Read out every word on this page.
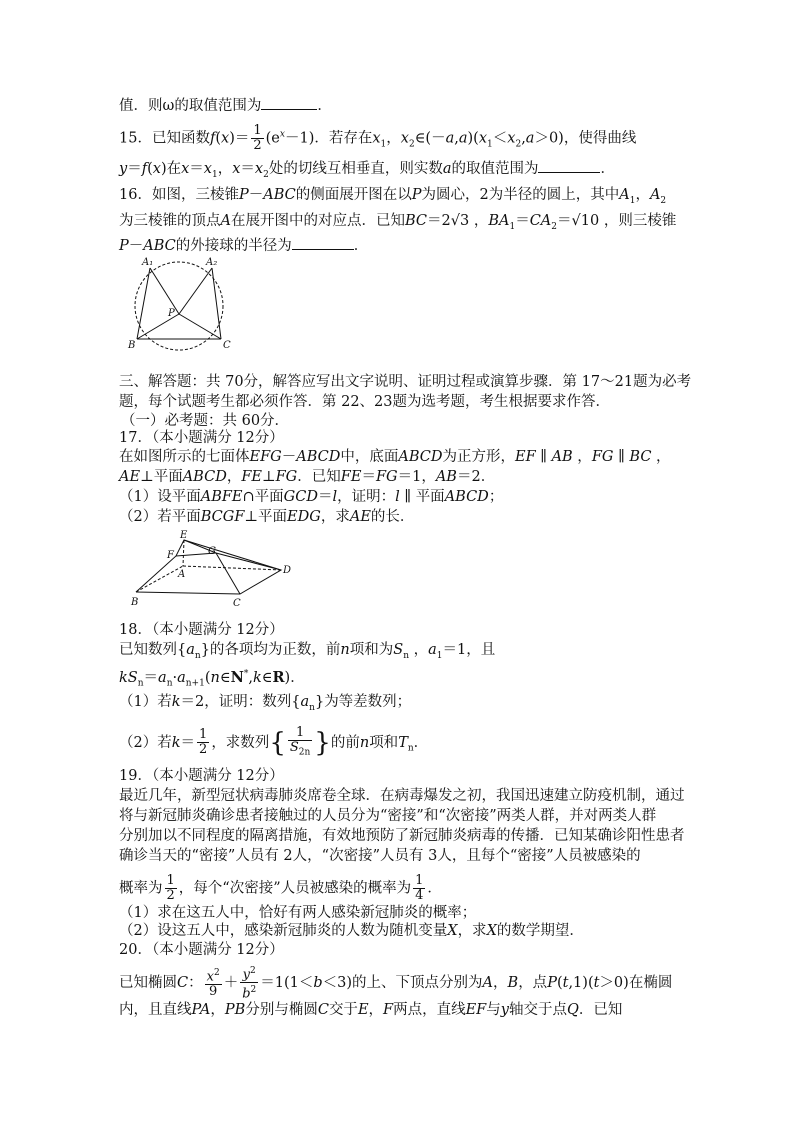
值．则ω的取值范围为	．
15．已知函数$f(x)= \frac{1}{2} (e^x-1)$．若存在$x_1$，$x_2\in(-a,a)(x_1<x_2,a>0)$，使得曲线
y＝f(x)在$x=x_1$，$x=x_2$处的切线互相垂直，则实数a的取值范围为	．
16．如图，三棱锥P－ABC的侧面展开图在以P为圆心，2为半径的圆上，其中$A_1$，$A_2$
为三棱锥的顶点A在展开图中的对应点．已知BC＝2√3 ，$BA_1=CA_2=√10$ ，则三棱锥
P－ABC的外接球的半径为	．
A₁	A₂
P
B	C
三、解答题：共 70分，解答应写出文字说明、证明过程或演算步骤．第 17～21题为必考
题，每个试题考生都必须作答．第 22、23题为选考题，考生根据要求作答．
（一）必考题：共 60分．
17．（本小题满分 12分）
在如图所示的七面体EFG－ABCD中，底面ABCD为正方形，EF ∥ AB ，FG ∥ BC ，
AE⊥平面ABCD，FE⊥FG．已知FE＝FG＝1，AB＝2．
（1）设平面ABFE∩平面GCD＝l，证明：l ∥ 平面ABCD；
（2）若平面BCGF⊥平面EDG，求AE的长．
E
F	G
A
B	C
D
18．（本小题满分 12分）
已知数列$\{a_n\}$的各项均为正数，前n项和为$S_n$ ，$a_1=1$，且
$kS_n=a_n\cdot a_{n+1}(n\in N^*,k\in R)$．
（1）若k＝2，证明：数列$\{a_n\}$为等差数列；
（2）若$k= \frac{1}{2}$ ，求数列{ $\frac{1}{S_{2n}}$ }的前n项和$T_n$．
19．（本小题满分 12分）
最近几年，新型冠状病毒肺炎席卷全球．在病毒爆发之初，我国迅速建立防疫机制，通过
将与新冠肺炎确诊患者接触过的人员分为“密接”和“次密接”两类人群，并对两类人群
分别加以不同程度的隔离措施，有效地预防了新冠肺炎病毒的传播．已知某确诊阳性患者
确诊当天的“密接”人员有 2人，“次密接”人员有 3人，且每个“密接”人员被感染的
概率为 $\frac{1}{2}$ ，每个“次密接”人员被感染的概率为 $\frac{1}{4}$ ．
（1）求在这五人中，恰好有两人感染新冠肺炎的概率；
（2）设这五人中，感染新冠肺炎的人数为随机变量X，求X的数学期望．
20．（本小题满分 12分）
已知椭圆C： $\frac{x^2}{9} + \frac{y^2}{b^2} =1(1<b<3)$的上、下顶点分别为A，B，点P(t,1)(t＞0)在椭圆
内，且直线PA，PB分别与椭圆C交于E，F两点，直线EF与y轴交于点Q．已知
